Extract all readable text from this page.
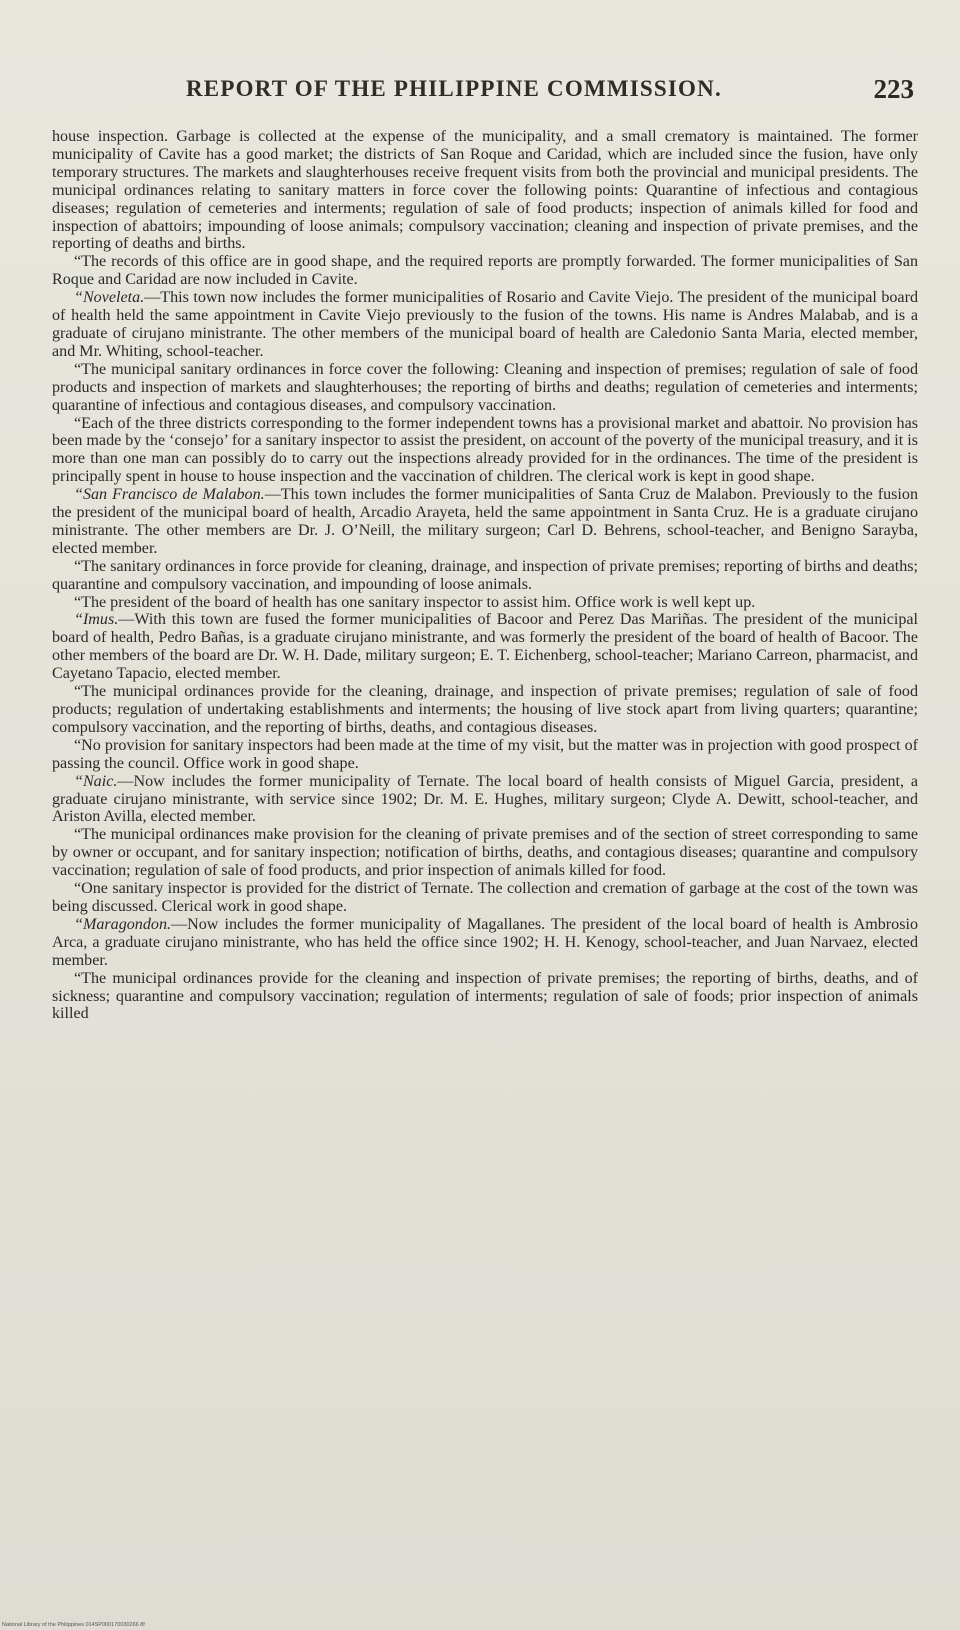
REPORT OF THE PHILIPPINE COMMISSION.	223

house inspection. Garbage is collected at the expense of the municipality, and a small crematory is maintained. The former municipality of Cavite has a good market; the districts of San Roque and Caridad, which are included since the fusion, have only temporary structures. The markets and slaughterhouses receive frequent visits from both the provincial and municipal presidents. The municipal ordinances relating to sanitary matters in force cover the following points: Quarantine of infectious and contagious diseases; regulation of cemeteries and interments; regulation of sale of food products; inspection of animals killed for food and inspection of abattoirs; impounding of loose animals; compulsory vaccination; cleaning and inspection of private premises, and the reporting of deaths and births.

“The records of this office are in good shape, and the required reports are promptly forwarded. The former municipalities of San Roque and Caridad are now included in Cavite.

“Noveleta.—This town now includes the former municipalities of Rosario and Cavite Viejo. The president of the municipal board of health held the same appointment in Cavite Viejo previously to the fusion of the towns. His name is Andres Malabab, and is a graduate of cirujano ministrante. The other members of the municipal board of health are Caledonio Santa Maria, elected member, and Mr. Whiting, school-teacher.

“The municipal sanitary ordinances in force cover the following: Cleaning and inspection of premises; regulation of sale of food products and inspection of markets and slaughterhouses; the reporting of births and deaths; regulation of cemeteries and interments; quarantine of infectious and contagious diseases, and compulsory vaccination.

“Each of the three districts corresponding to the former independent towns has a provisional market and abattoir. No provision has been made by the ‘consejo’ for a sanitary inspector to assist the president, on account of the poverty of the municipal treasury, and it is more than one man can possibly do to carry out the inspections already provided for in the ordinances. The time of the president is principally spent in house to house inspection and the vaccination of children. The clerical work is kept in good shape.

“San Francisco de Malabon.—This town includes the former municipalities of Santa Cruz de Malabon. Previously to the fusion the president of the municipal board of health, Arcadio Arayeta, held the same appointment in Santa Cruz. He is a graduate cirujano ministrante. The other members are Dr. J. O’Neill, the military surgeon; Carl D. Behrens, school-teacher, and Benigno Sarayba, elected member.

“The sanitary ordinances in force provide for cleaning, drainage, and inspection of private premises; reporting of births and deaths; quarantine and compulsory vaccination, and impounding of loose animals.

“The president of the board of health has one sanitary inspector to assist him. Office work is well kept up.

“Imus.—With this town are fused the former municipalities of Bacoor and Perez Das Mariñas. The president of the municipal board of health, Pedro Bañas, is a graduate cirujano ministrante, and was formerly the president of the board of health of Bacoor. The other members of the board are Dr. W. H. Dade, military surgeon; E. T. Eichenberg, school-teacher; Mariano Carreon, pharmacist, and Cayetano Tapacio, elected member.

“The municipal ordinances provide for the cleaning, drainage, and inspection of private premises; regulation of sale of food products; regulation of undertaking establishments and interments; the housing of live stock apart from living quarters; quarantine; compulsory vaccination, and the reporting of births, deaths, and contagious diseases.

“No provision for sanitary inspectors had been made at the time of my visit, but the matter was in projection with good prospect of passing the council. Office work in good shape.

“Naic.—Now includes the former municipality of Ternate. The local board of health consists of Miguel Garcia, president, a graduate cirujano ministrante, with service since 1902; Dr. M. E. Hughes, military surgeon; Clyde A. Dewitt, school-teacher, and Ariston Avilla, elected member.

“The municipal ordinances make provision for the cleaning of private premises and of the section of street corresponding to same by owner or occupant, and for sanitary inspection; notification of births, deaths, and contagious diseases; quarantine and compulsory vaccination; regulation of sale of food products, and prior inspection of animals killed for food.

“One sanitary inspector is provided for the district of Ternate. The collection and cremation of garbage at the cost of the town was being discussed. Clerical work in good shape.

“Maragondon.—Now includes the former municipality of Magallanes. The president of the local board of health is Ambrosio Arca, a graduate cirujano ministrante, who has held the office since 1902; H. H. Kenogy, school-teacher, and Juan Narvaez, elected member.

“The municipal ordinances provide for the cleaning and inspection of private premises; the reporting of births, deaths, and of sickness; quarantine and compulsory vaccination; regulation of interments; regulation of sale of foods; prior inspection of animals killed

National Library of the Philippines 014SP000170030266 8f
